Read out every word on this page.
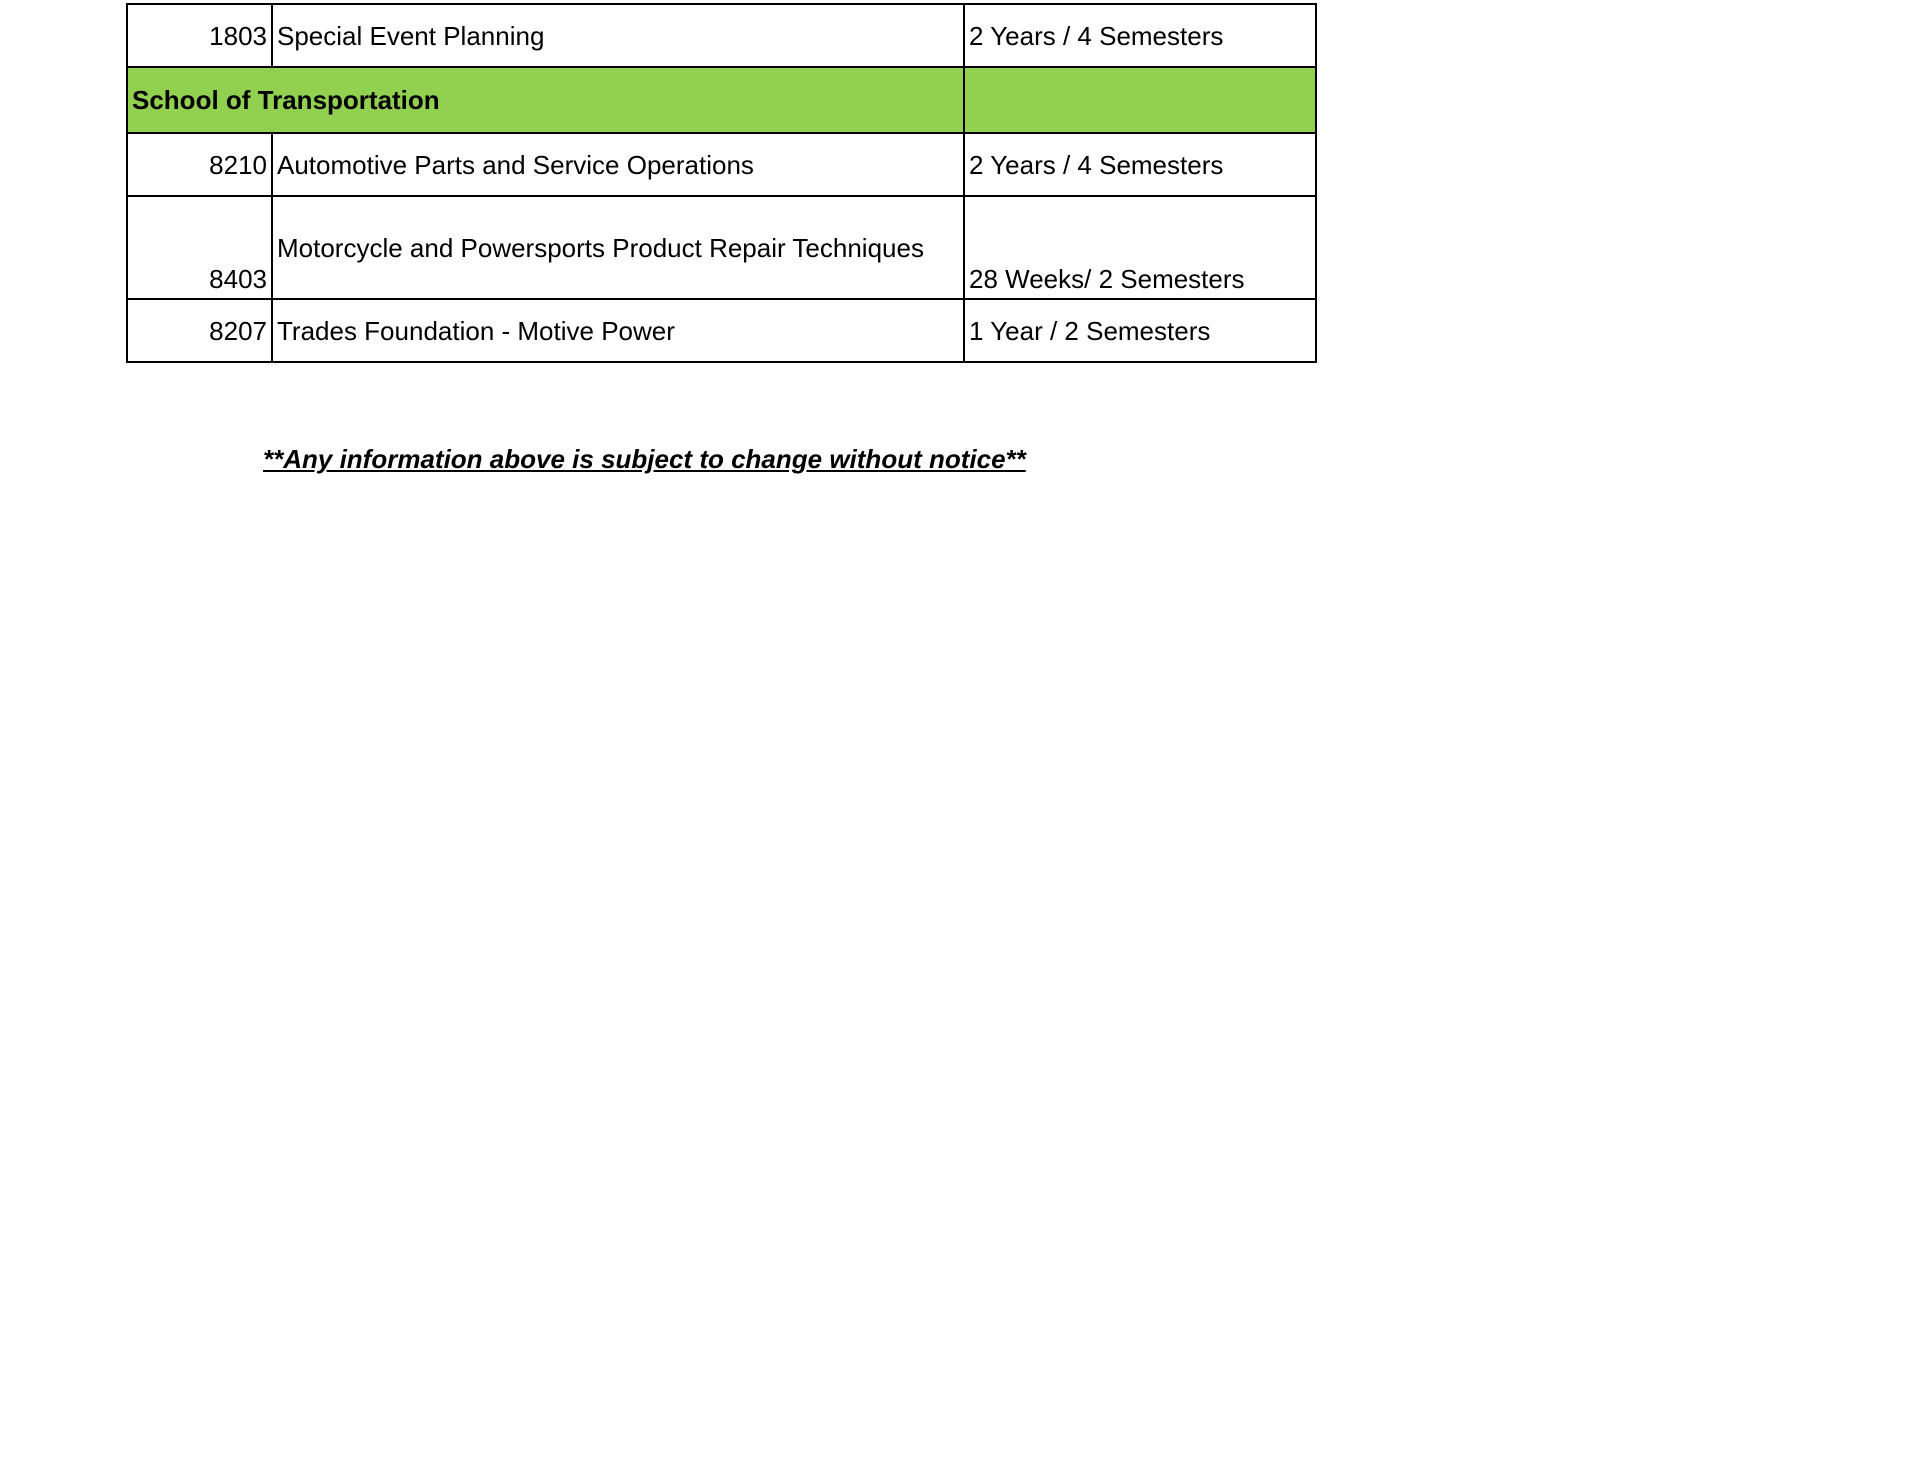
1803	Special Event Planning	2 Years / 4 Semesters
School of Transportation		
8210	Automotive Parts and Service Operations	2 Years / 4 Semesters
8403	Motorcycle and Powersports Product Repair Techniques	28 Weeks/ 2 Semesters
8207	Trades Foundation - Motive Power	1 Year / 2 Semesters
**Any information above is subject to change without notice**
